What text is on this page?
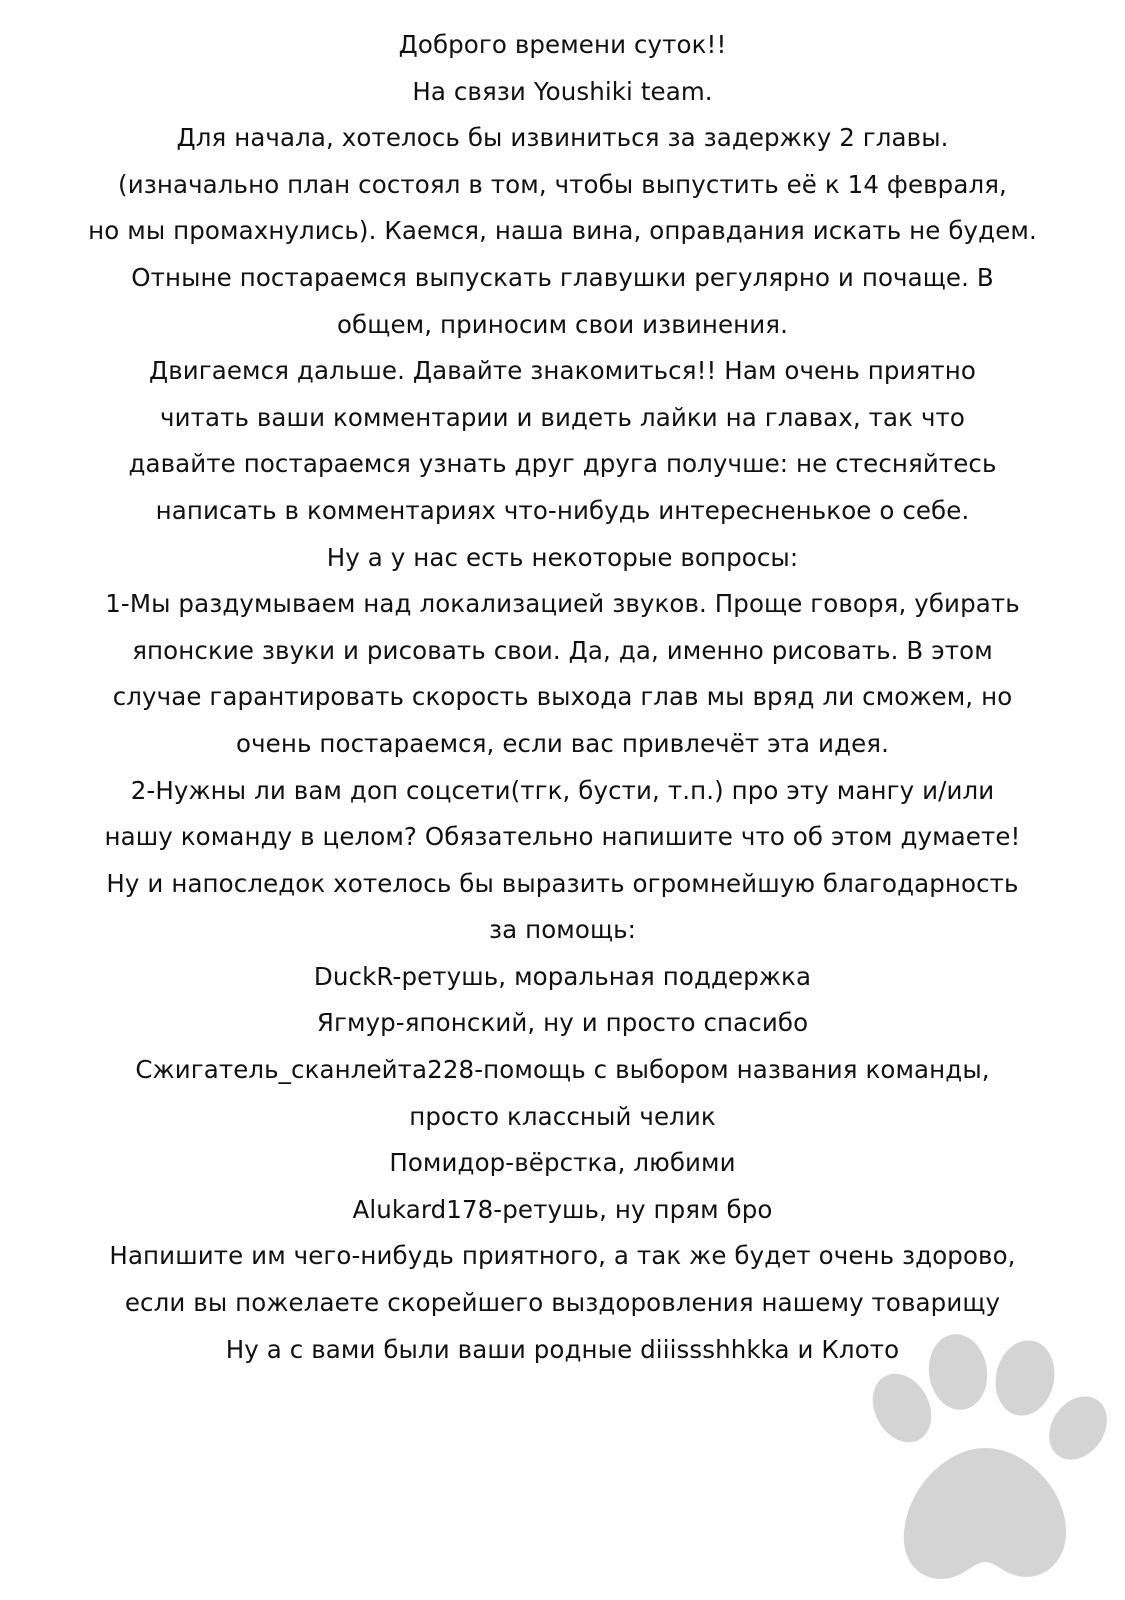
Доброго времени суток!!
На связи Youshiki team.
Для начала, хотелось бы извиниться за задержку 2 главы.
(изначально план состоял в том, чтобы выпустить её к 14 февраля,
но мы промахнулись). Каемся, наша вина, оправдания искать не будем.
Отныне постараемся выпускать главушки регулярно и почаще. В
общем, приносим свои извинения.
Двигаемся дальше. Давайте знакомиться!! Нам очень приятно
читать ваши комментарии и видеть лайки на главах, так что
давайте постараемся узнать друг друга получше: не стесняйтесь
написать в комментариях что-нибудь интересненькое о себе.
Ну а у нас есть некоторые вопросы:
1-Мы раздумываем над локализацией звуков. Проще говоря, убирать
японские звуки и рисовать свои. Да, да, именно рисовать. В этом
случае гарантировать скорость выхода глав мы вряд ли сможем, но
очень постараемся, если вас привлечёт эта идея.
2-Нужны ли вам доп соцсети(тгк, бусти, т.п.) про эту мангу и/или
нашу команду в целом? Обязательно напишите что об этом думаете!
Ну и напоследок хотелось бы выразить огромнейшую благодарность
за помощь:
DuckR-ретушь, моральная поддержка
Ягмур-японский, ну и просто спасибо
Сжигатель_сканлейта228-помощь с выбором названия команды,
просто классный челик
Помидор-вёрстка, любими
Alukard178-ретушь, ну прям бро
Напишите им чего-нибудь приятного, а так же будет очень здорово,
если вы пожелаете скорейшего выздоровления нашему товарищу
Ну а с вами были ваши родные diiissshhkka и Клото
